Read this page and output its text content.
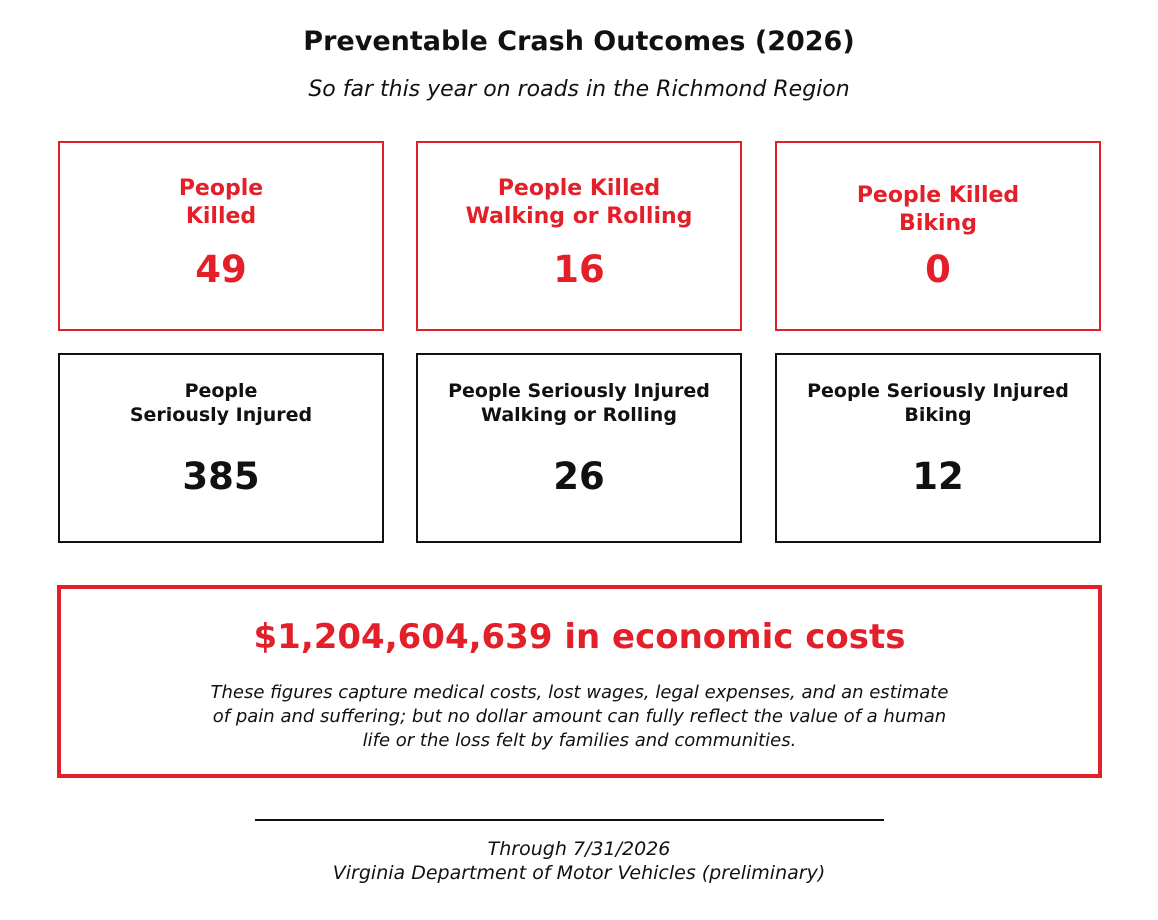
Preventable Crash Outcomes (2026)
So far this year on roads in the Richmond Region
People
Killed
49
People Killed
Walking or Rolling
16
People Killed
Biking
0
People
Seriously Injured
385
People Seriously Injured
Walking or Rolling
26
People Seriously Injured
Biking
12
$1,204,604,639 in economic costs
These figures capture medical costs, lost wages, legal expenses, and an estimate of pain and suffering; but no dollar amount can fully reflect the value of a human life or the loss felt by families and communities.
Through 7/31/2026
Virginia Department of Motor Vehicles (preliminary)
